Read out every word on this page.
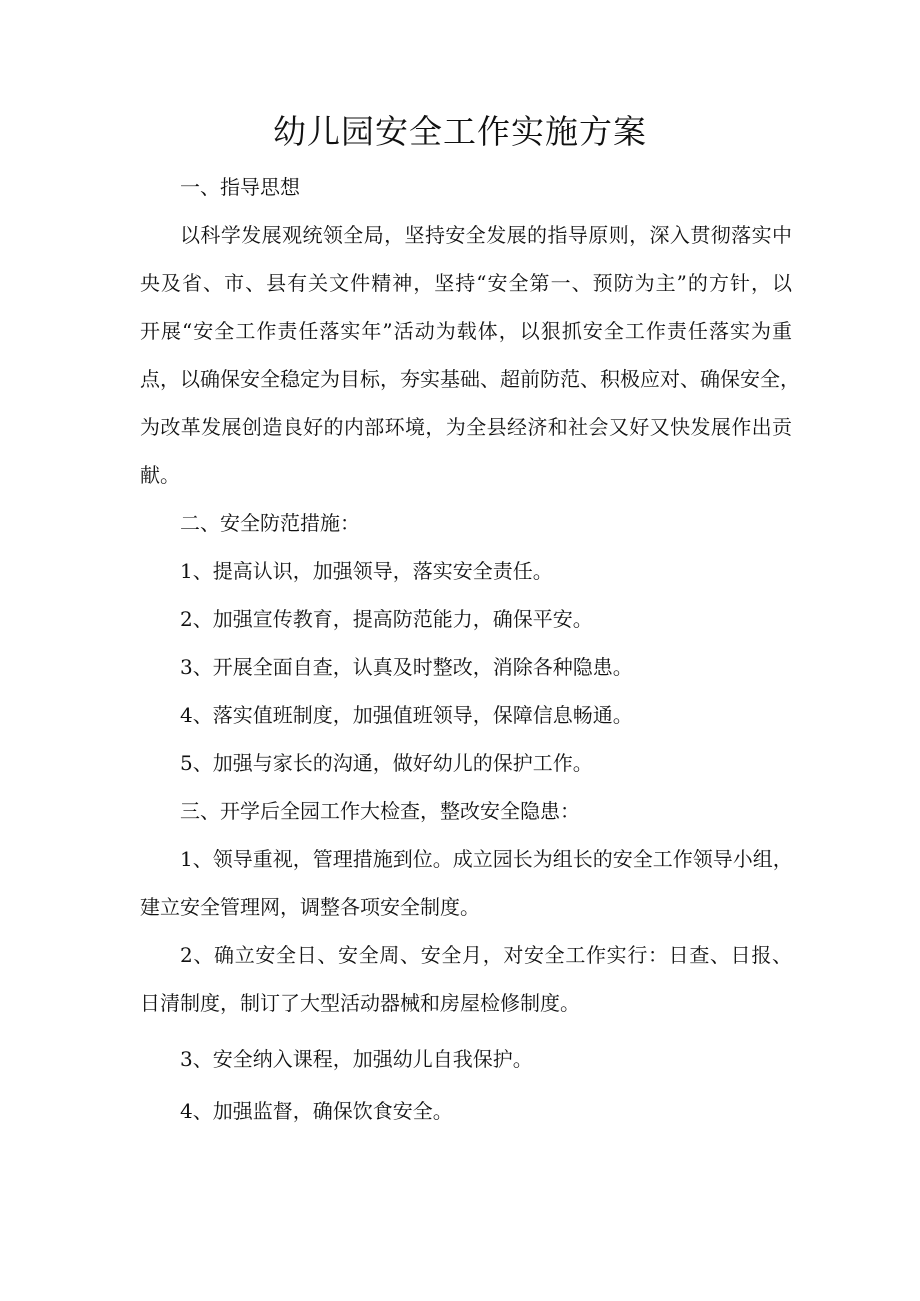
幼儿园安全工作实施方案

一、指导思想

以科学发展观统领全局，坚持安全发展的指导原则，深入贯彻落实中

央及省、市、县有关文件精神，坚持“安全第一、预防为主”的方针，以

开展“安全工作责任落实年”活动为载体，以狠抓安全工作责任落实为重

点，以确保安全稳定为目标，夯实基础、超前防范、积极应对、确保安全，

为改革发展创造良好的内部环境，为全县经济和社会又好又快发展作出贡

献。

二、安全防范措施：

1、提高认识，加强领导，落实安全责任。

2、加强宣传教育，提高防范能力，确保平安。

3、开展全面自查，认真及时整改，消除各种隐患。

4、落实值班制度，加强值班领导，保障信息畅通。

5、加强与家长的沟通，做好幼儿的保护工作。

三、开学后全园工作大检查，整改安全隐患：

1、领导重视，管理措施到位。成立园长为组长的安全工作领导小组，

建立安全管理网，调整各项安全制度。

2、确立安全日、安全周、安全月，对安全工作实行：日查、日报、

日清制度，制订了大型活动器械和房屋检修制度。

3、安全纳入课程，加强幼儿自我保护。

4、加强监督，确保饮食安全。
